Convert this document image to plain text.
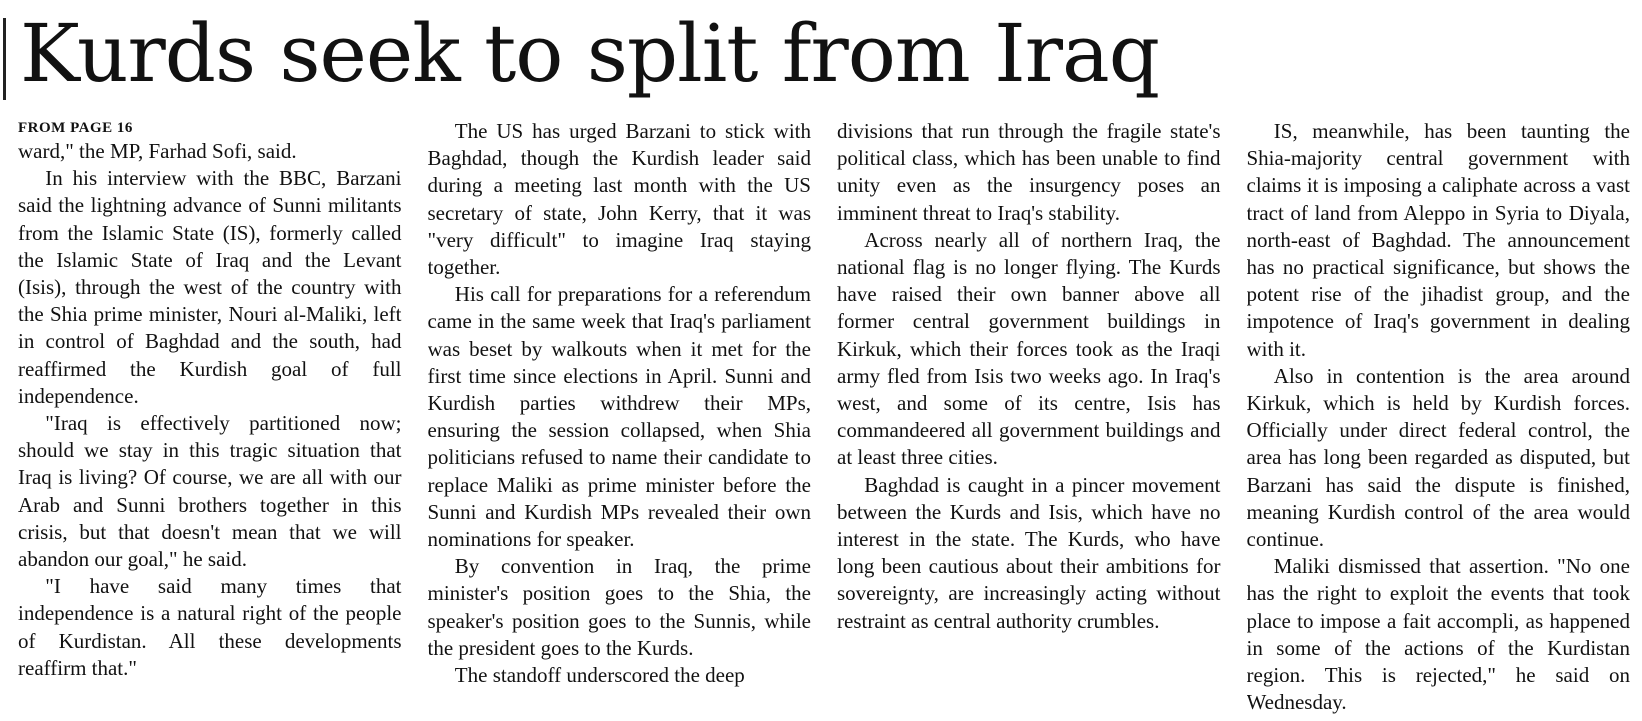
Kurds seek to split from Iraq
FROM PAGE 16

ward," the MP, Farhad Sofi, said.

In his interview with the BBC, Barzani said the lightning advance of Sunni militants from the Islamic State (IS), formerly called the Islamic State of Iraq and the Levant (Isis), through the west of the country with the Shia prime minister, Nouri al-Maliki, left in control of Baghdad and the south, had reaffirmed the Kurdish goal of full independence.

"Iraq is effectively partitioned now; should we stay in this tragic situation that Iraq is living? Of course, we are all with our Arab and Sunni brothers together in this crisis, but that doesn't mean that we will abandon our goal," he said.

"I have said many times that independence is a natural right of the people of Kurdistan. All these developments reaffirm that."

The US has urged Barzani to stick with Baghdad, though the Kurdish leader said during a meeting last month with the US secretary of state, John Kerry, that it was "very difficult" to imagine Iraq staying together.

His call for preparations for a referendum came in the same week that Iraq's parliament was beset by walkouts when it met for the first time since elections in April. Sunni and Kurdish parties withdrew their MPs, ensuring the session collapsed, when Shia politicians refused to name their candidate to replace Maliki as prime minister before the Sunni and Kurdish MPs revealed their own nominations for speaker.

By convention in Iraq, the prime minister's position goes to the Shia, the speaker's position goes to the Sunnis, while the president goes to the Kurds.

The standoff underscored the deep

divisions that run through the fragile state's political class, which has been unable to find unity even as the insurgency poses an imminent threat to Iraq's stability.

Across nearly all of northern Iraq, the national flag is no longer flying. The Kurds have raised their own banner above all former central government buildings in Kirkuk, which their forces took as the Iraqi army fled from Isis two weeks ago. In Iraq's west, and some of its centre, Isis has commandeered all government buildings and at least three cities.

Baghdad is caught in a pincer movement between the Kurds and Isis, which have no interest in the state. The Kurds, who have long been cautious about their ambitions for sovereignty, are increasingly acting without restraint as central authority crumbles.

IS, meanwhile, has been taunting the Shia-majority central government with claims it is imposing a caliphate across a vast tract of land from Aleppo in Syria to Diyala, north-east of Baghdad. The announcement has no practical significance, but shows the potent rise of the jihadist group, and the impotence of Iraq's government in dealing with it.

Also in contention is the area around Kirkuk, which is held by Kurdish forces. Officially under direct federal control, the area has long been regarded as disputed, but Barzani has said the dispute is finished, meaning Kurdish control of the area would continue.

Maliki dismissed that assertion. "No one has the right to exploit the events that took place to impose a fait accompli, as happened in some of the actions of the Kurdistan region. This is rejected," he said on Wednesday.
